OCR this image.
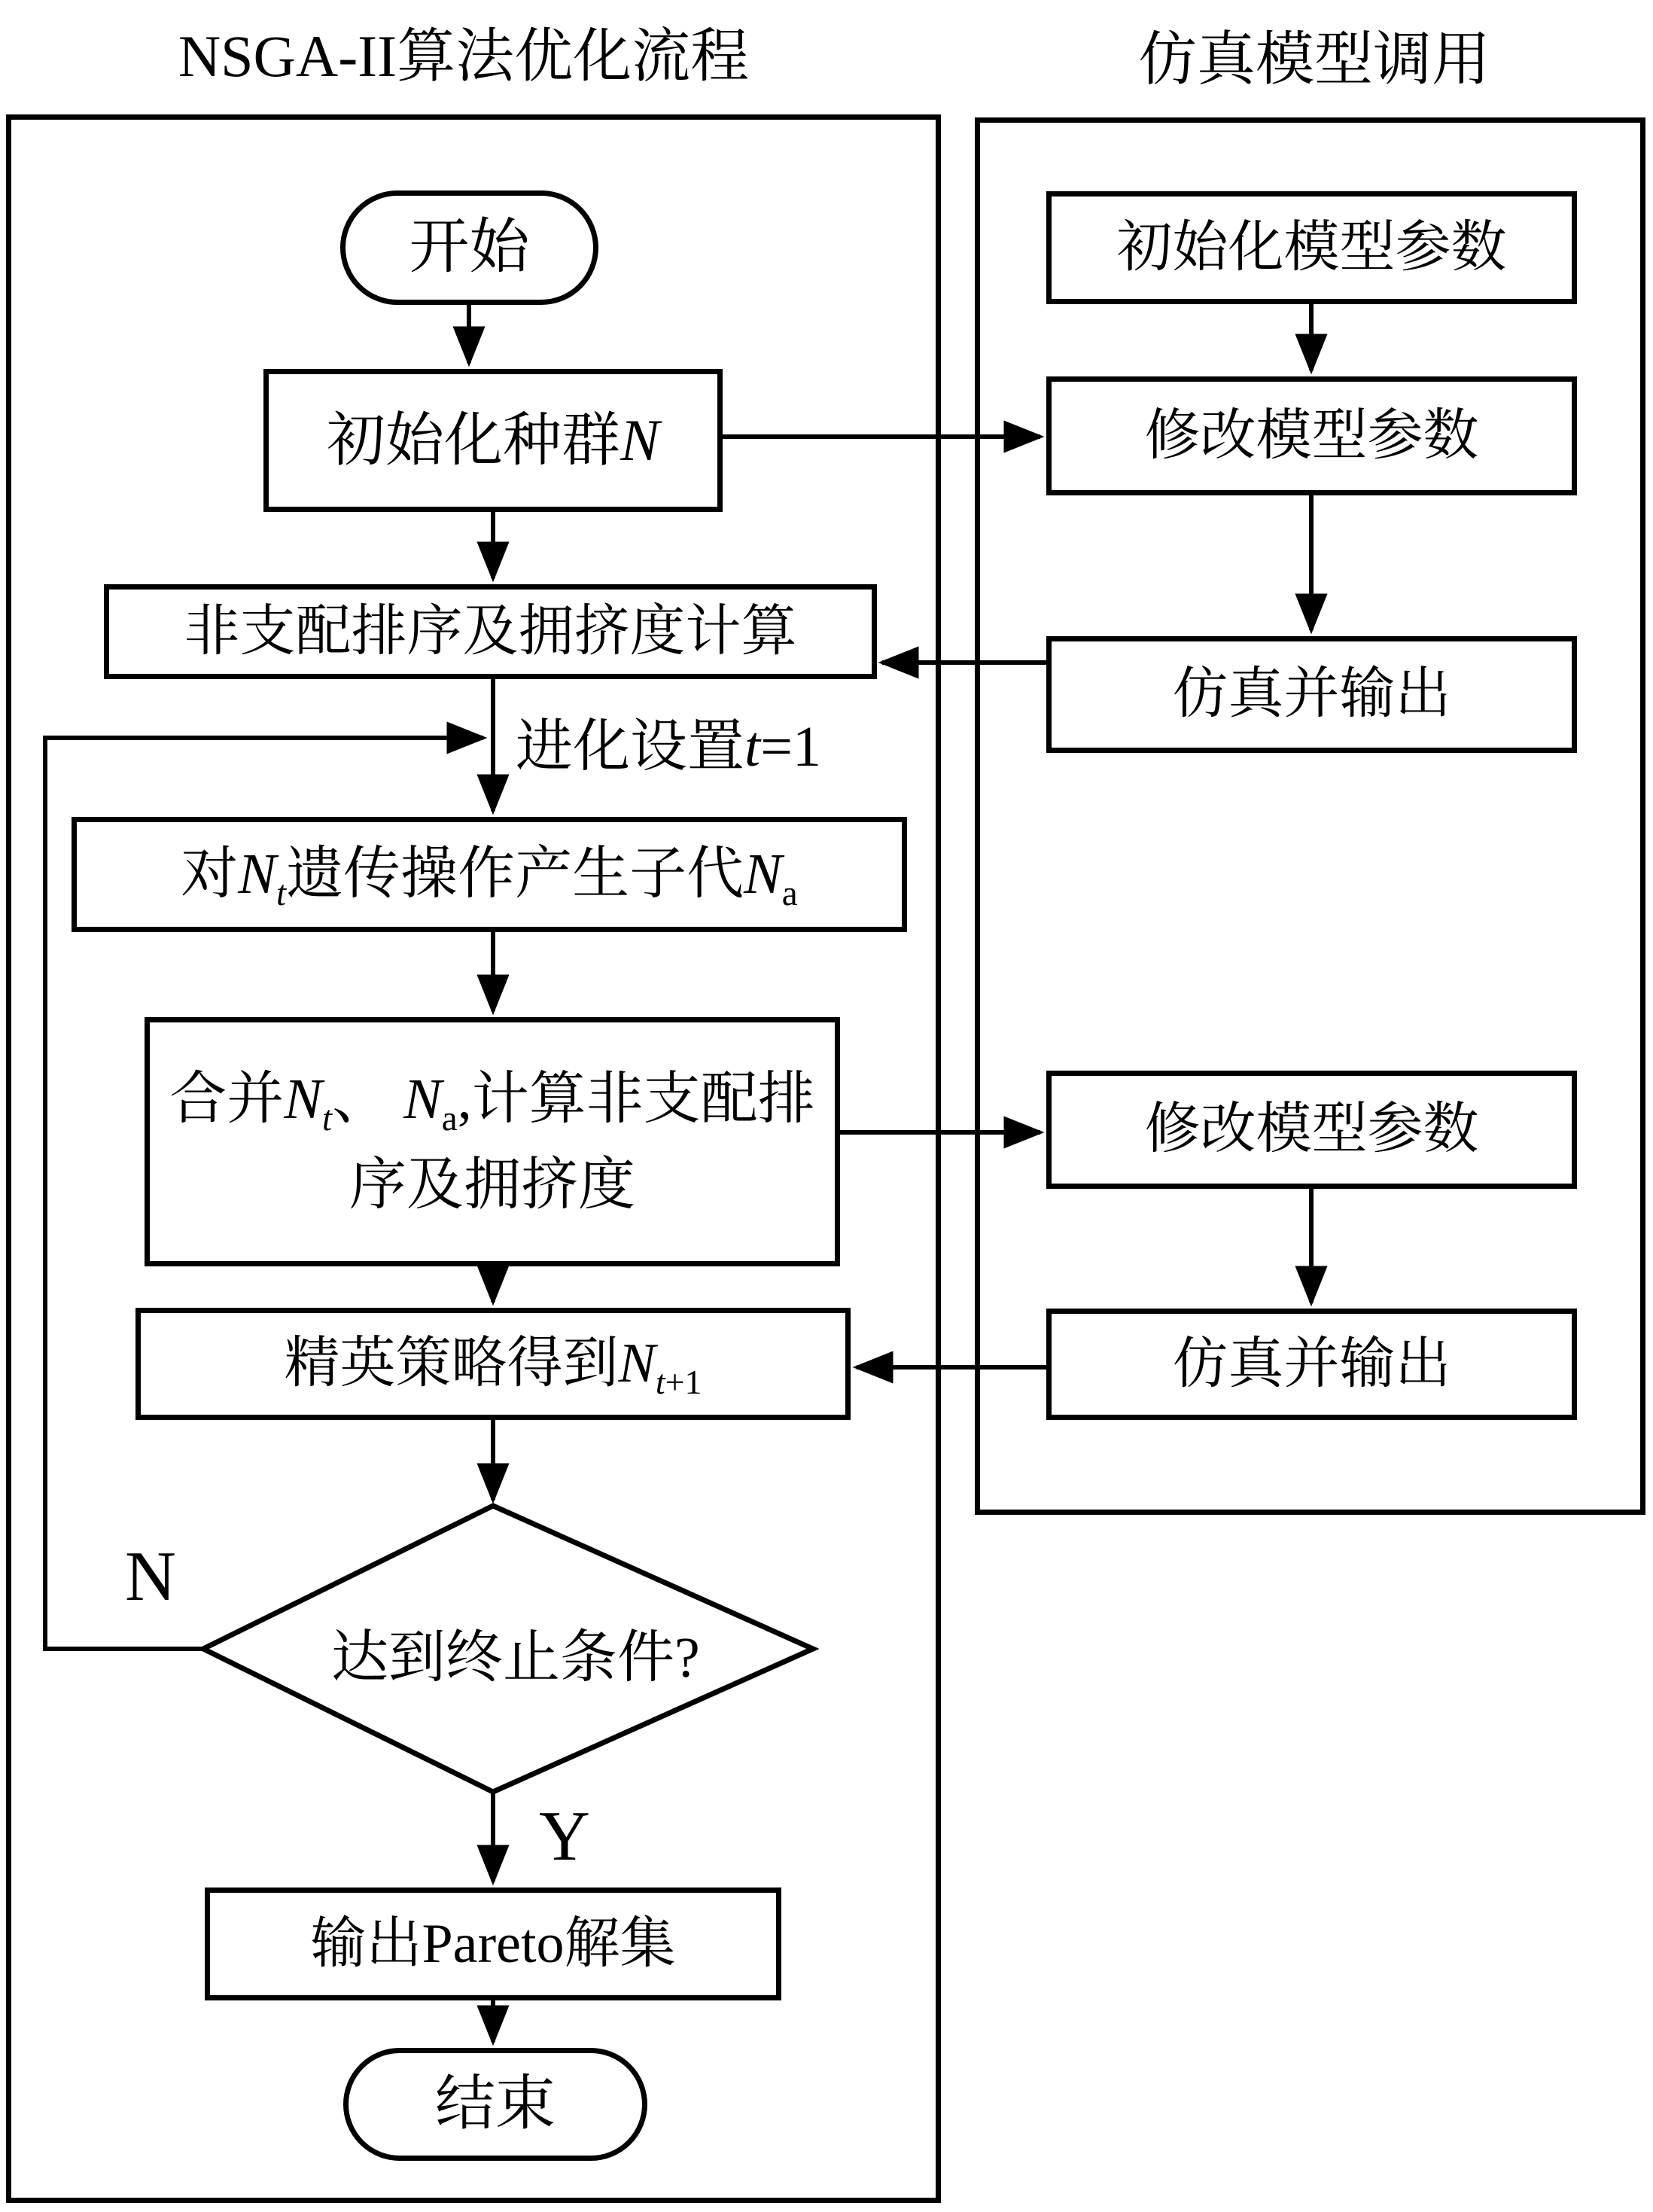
NSGA-II算法优化流程	仿真模型调用
开始
初始化种群N
非支配排序及拥挤度计算
进化设置t=1
对$N_t$遗传操作产生子代$N_a$
合并$N_t$、 $N_a$,计算非支配排
序及拥挤度
精英策略得到$N_{t+1}$
达到终止条件?
N
Y
输出Pareto解集
结束
初始化模型参数
修改模型参数
仿真并输出
修改模型参数
仿真并输出
